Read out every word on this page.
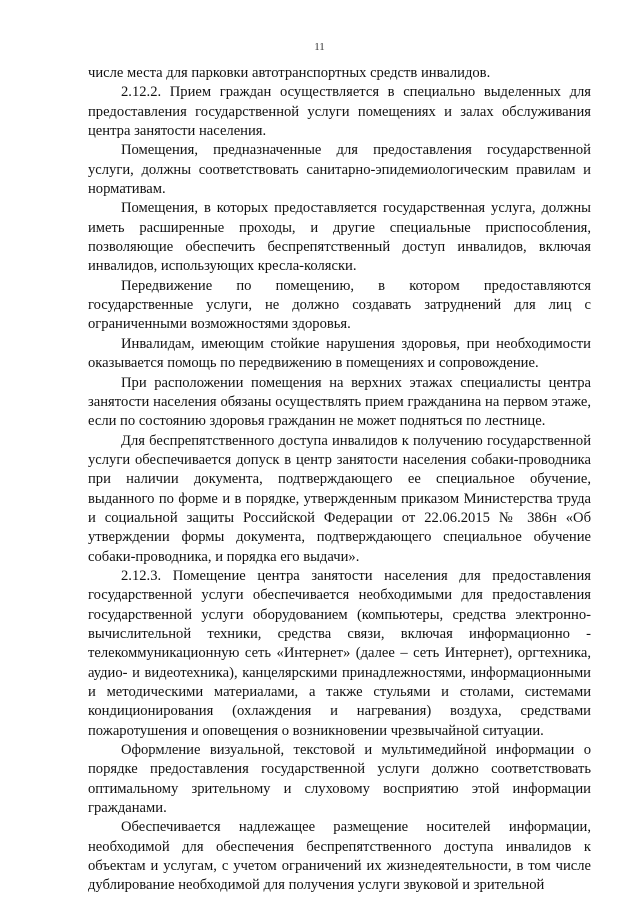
11

числе места для парковки автотранспортных средств инвалидов.

2.12.2. Прием граждан осуществляется в специально выделенных для предоставления государственной услуги помещениях и залах обслуживания центра занятости населения.

Помещения, предназначенные для предоставления государственной услуги, должны соответствовать санитарно-эпидемиологическим правилам и нормативам.

Помещения, в которых предоставляется государственная услуга, должны иметь расширенные проходы, и другие специальные приспособления, позволяющие обеспечить беспрепятственный доступ инвалидов, включая инвалидов, использующих кресла-коляски.

Передвижение по помещению, в котором предоставляются государственные услуги, не должно создавать затруднений для лиц с ограниченными возможностями здоровья.

Инвалидам, имеющим стойкие нарушения здоровья, при необходимости оказывается помощь по передвижению в помещениях и сопровождение.

При расположении помещения на верхних этажах специалисты центра занятости населения обязаны осуществлять прием гражданина на первом этаже, если по состоянию здоровья гражданин не может подняться по лестнице.

Для беспрепятственного доступа инвалидов к получению государственной услуги обеспечивается допуск в центр занятости населения собаки-проводника при наличии документа, подтверждающего ее специальное обучение, выданного по форме и в порядке, утвержденным приказом Министерства труда и социальной защиты Российской Федерации от 22.06.2015 № 386н «Об утверждении формы документа, подтверждающего специальное обучение собаки-проводника, и порядка его выдачи».

2.12.3. Помещение центра занятости населения для предоставления государственной услуги обеспечивается необходимыми для предоставления государственной услуги оборудованием (компьютеры, средства электронно-вычислительной техники, средства связи, включая информационно - телекоммуникационную сеть «Интернет» (далее – сеть Интернет), оргтехника, аудио- и видеотехника), канцелярскими принадлежностями, информационными и методическими материалами, а также стульями и столами, системами кондиционирования (охлаждения и нагревания) воздуха, средствами пожаротушения и оповещения о возникновении чрезвычайной ситуации.

Оформление визуальной, текстовой и мультимедийной информации о порядке предоставления государственной услуги должно соответствовать оптимальному зрительному и слуховому восприятию этой информации гражданами.

Обеспечивается надлежащее размещение носителей информации, необходимой для обеспечения беспрепятственного доступа инвалидов к объектам и услугам, с учетом ограничений их жизнедеятельности, в том числе дублирование необходимой для получения услуги звуковой и зрительной
